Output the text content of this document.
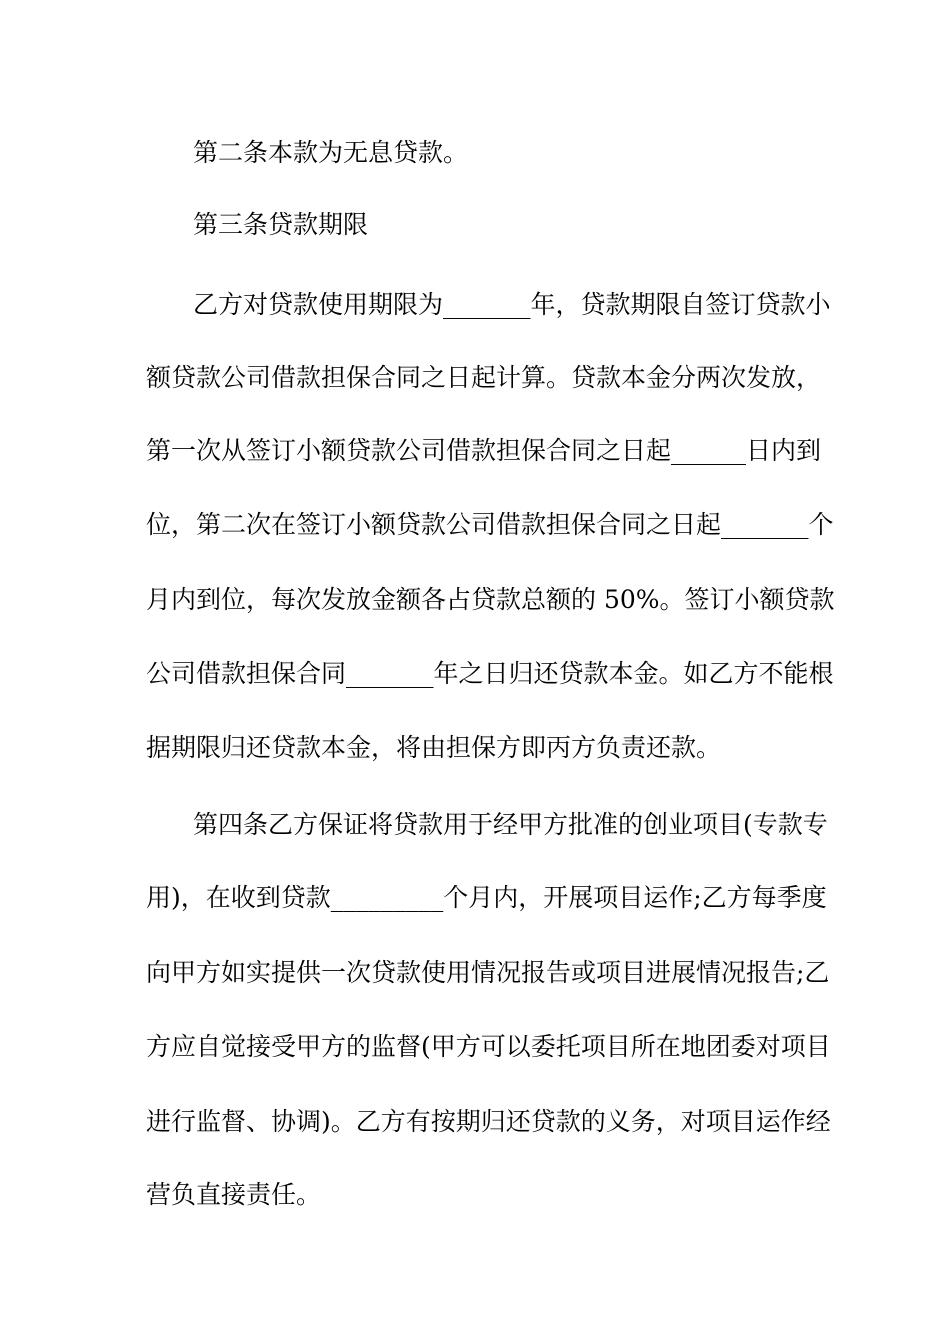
第二条本款为无息贷款。
第三条贷款期限
乙方对贷款使用期限为_______年，贷款期限自签订贷款小
额贷款公司借款担保合同之日起计算。贷款本金分两次发放，
第一次从签订小额贷款公司借款担保合同之日起______日内到
位，第二次在签订小额贷款公司借款担保合同之日起_______个
月内到位，每次发放金额各占贷款总额的 50%。签订小额贷款
公司借款担保合同_______年之日归还贷款本金。如乙方不能根
据期限归还贷款本金，将由担保方即丙方负责还款。
第四条乙方保证将贷款用于经甲方批准的创业项目(专款专
用)，在收到贷款_________个月内，开展项目运作;乙方每季度
向甲方如实提供一次贷款使用情况报告或项目进展情况报告;乙
方应自觉接受甲方的监督(甲方可以委托项目所在地团委对项目
进行监督、协调)。乙方有按期归还贷款的义务，对项目运作经
营负直接责任。
